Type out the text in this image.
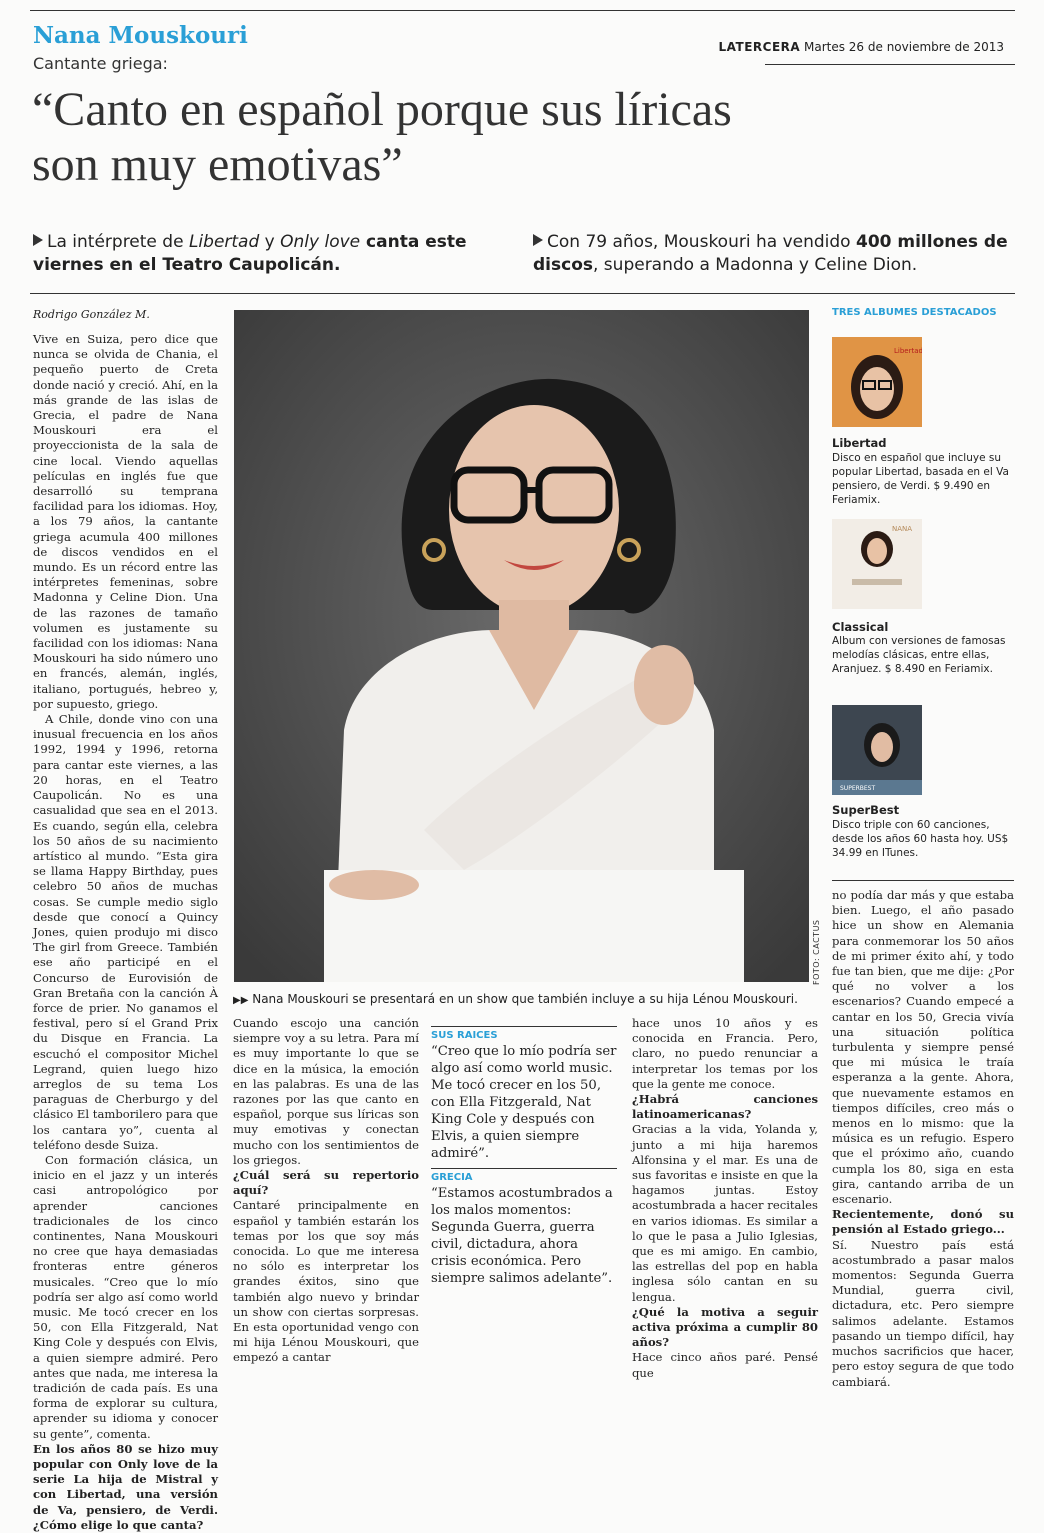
Nana Mouskouri
Cantante griega:
LATERCERA Martes 26 de noviembre de 2013
“Canto en español porque sus líricas son muy emotivas”
La intérprete de Libertad y Only love canta este viernes en el Teatro Caupolicán.
Con 79 años, Mouskouri ha vendido 400 millones de discos, superando a Madonna y Celine Dion.
Rodrigo González M.

Vive en Suiza, pero dice que nunca se olvida de Chania, el pequeño puerto de Creta donde nació y creció. Ahí, en la más grande de las islas de Grecia, el padre de Nana Mouskouri era el proyeccionista de la sala de cine local. Viendo aquellas películas en inglés fue que desarrolló su temprana facilidad para los idiomas. Hoy, a los 79 años, la cantante griega acumula 400 millones de discos vendidos en el mundo. Es un récord entre las intérpretes femeninas, sobre Madonna y Celine Dion. Una de las razones de tamaño volumen es justamente su facilidad con los idiomas: Nana Mouskouri ha sido número uno en francés, alemán, inglés, italiano, portugués, hebreo y, por supuesto, griego.

A Chile, donde vino con una inusual frecuencia en los años 1992, 1994 y 1996, retorna para cantar este viernes, a las 20 horas, en el Teatro Caupolicán. No es una casualidad que sea en el 2013. Es cuando, según ella, celebra los 50 años de su nacimiento artístico al mundo. “Esta gira se llama Happy Birthday, pues celebro 50 años de muchas cosas. Se cumple medio siglo desde que conocí a Quincy Jones, quien produjo mi disco The girl from Greece. También ese año participé en el Concurso de Eurovisión de Gran Bretaña con la canción À force de prier. No ganamos el festival, pero sí el Grand Prix du Disque en Francia. La escuchó el compositor Michel Legrand, quien luego hizo arreglos de su tema Los paraguas de Cherburgo y del clásico El tamborilero para que los cantara yo”, cuenta al teléfono desde Suiza.

Con formación clásica, un inicio en el jazz y un interés casi antropológico por aprender canciones tradicionales de los cinco continentes, Nana Mouskouri no cree que haya demasiadas fronteras entre géneros musicales. “Creo que lo mío podría ser algo así como world music. Me tocó crecer en los 50, con Ella Fitzgerald, Nat King Cole y después con Elvis, a quien siempre admiré. Pero antes que nada, me interesa la tradición de cada país. Es una forma de explorar su cultura, aprender su idioma y conocer su gente”, comenta.

En los años 80 se hizo muy popular con Only love de la serie La hija de Mistral y con Libertad, una versión de Va, pensiero, de Verdi. ¿Cómo elige lo que canta?

FOTO: CACTUS
▶▶ Nana Mouskouri se presentará en un show que también incluye a su hija Lénou Mouskouri.

Cuando escojo una canción siempre voy a su letra. Para mí es muy importante lo que se dice en la música, la emoción en las palabras. Es una de las razones por las que canto en español, porque sus líricas son muy emotivas y conectan mucho con los sentimientos de los griegos.

¿Cuál será su repertorio aquí?

Cantaré principalmente en español y también estarán los temas por los que soy más conocida. Lo que me interesa no sólo es interpretar los grandes éxitos, sino que también algo nuevo y brindar un show con ciertas sorpresas. En esta oportunidad vengo con mi hija Lénou Mouskouri, que empezó a cantar

SUS RAICES
“Creo que lo mío podría ser algo así como world music. Me tocó crecer en los 50, con Ella Fitzgerald, Nat King Cole y después con Elvis, a quien siempre admiré”.
GRECIA
“Estamos acostumbrados a los malos momentos: Segunda Guerra, guerra civil, dictadura, ahora crisis económica. Pero siempre salimos adelante”.

hace unos 10 años y es conocida en Francia. Pero, claro, no puedo renunciar a interpretar los temas por los que la gente me conoce.

¿Habrá canciones latinoamericanas?

Gracias a la vida, Yolanda y, junto a mi hija haremos Alfonsina y el mar. Es una de sus favoritas e insiste en que la hagamos juntas. Estoy acostumbrada a hacer recitales en varios idiomas. Es similar a lo que le pasa a Julio Iglesias, que es mi amigo. En cambio, las estrellas del pop en habla inglesa sólo cantan en su lengua.

¿Qué la motiva a seguir activa próxima a cumplir 80 años?

Hace cinco años paré. Pensé que

no podía dar más y que estaba bien. Luego, el año pasado hice un show en Alemania para conmemorar los 50 años de mi primer éxito ahí, y todo fue tan bien, que me dije: ¿Por qué no volver a los escenarios? Cuando empecé a cantar en los 50, Grecia vivía una situación política turbulenta y siempre pensé que mi música le traía esperanza a la gente. Ahora, que nuevamente estamos en tiempos difíciles, creo más o menos en lo mismo: que la música es un refugio. Espero que el próximo año, cuando cumpla los 80, siga en esta gira, cantando arriba de un escenario.

Recientemente, donó su pensión al Estado griego...

Sí. Nuestro país está acostumbrado a pasar malos momentos: Segunda Guerra Mundial, guerra civil, dictadura, etc. Pero siempre salimos adelante. Estamos pasando un tiempo difícil, hay muchos sacrificios que hacer, pero estoy segura de que todo cambiará.

TRES ALBUMES DESTACADOS
Libertad
Libertad
Disco en español que incluye su popular Libertad, basada en el Va pensiero, de Verdi. $ 9.490 en Feriamix.
NANA
Classical
Album con versiones de famosas melodías clásicas, entre ellas, Aranjuez. $ 8.490 en Feriamix.
SUPERBEST
SuperBest
Disco triple con 60 canciones, desde los años 60 hasta hoy. US$ 34.99 en ITunes.
